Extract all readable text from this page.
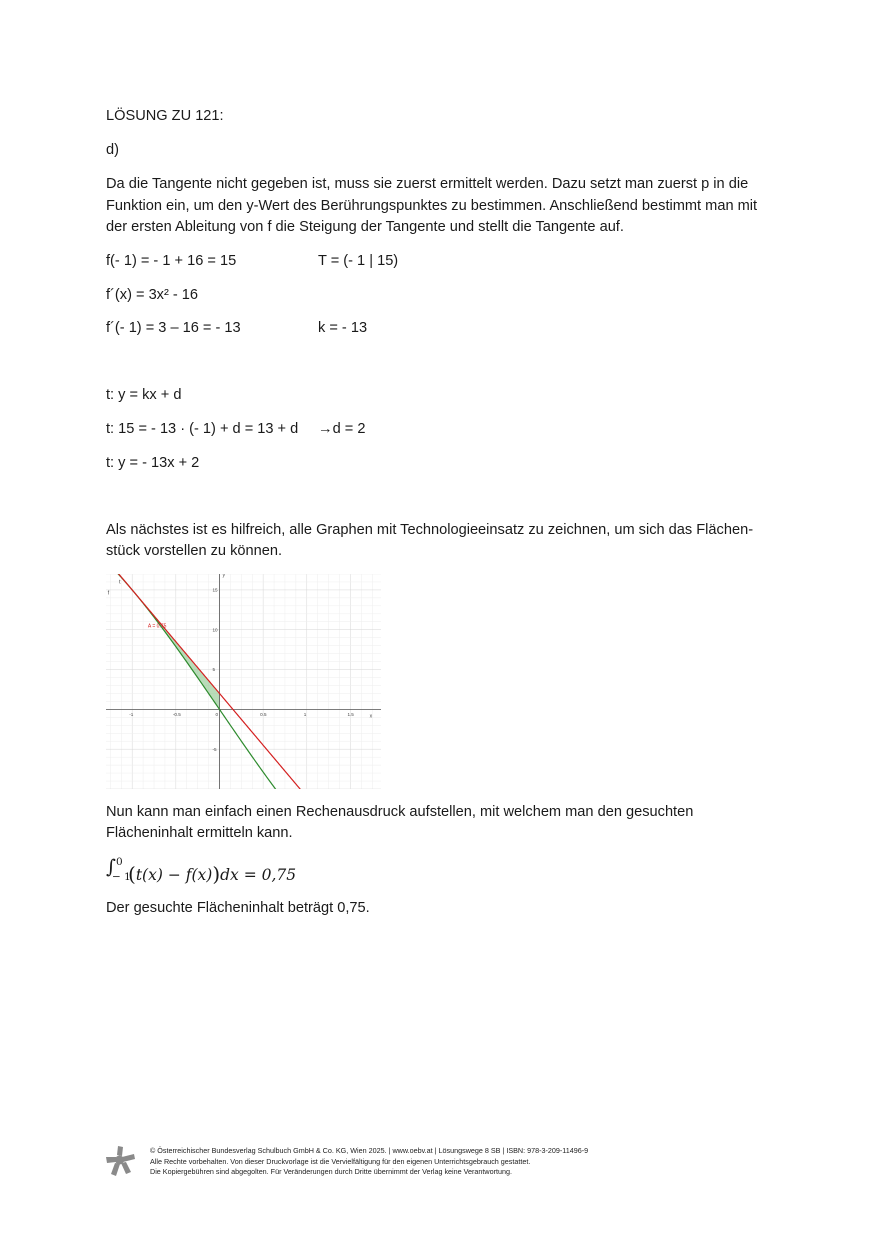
LÖSUNG ZU 121:
d)
Da die Tangente nicht gegeben ist, muss sie zuerst ermittelt werden. Dazu setzt man zuerst p in die
Funktion ein, um den y-Wert des Berührungspunktes zu bestimmen. Anschließend bestimmt man mit
der ersten Ableitung von f die Steigung der Tangente und stellt die Tangente auf.
f(- 1) = - 1 + 16 = 15	T = (- 1 | 15)
f´(x) = 3x² - 16
f´(- 1) = 3 – 16 = - 13	k = - 13
t: y = kx + d
t: 15 = - 13 · (- 1) + d = 13 + d →d = 2
t: y = - 13x + 2
Als nächstes ist es hilfreich, alle Graphen mit Technologieeinsatz zu zeichnen, um sich das Flächen-
stück vorstellen zu können.
-1	-0.5	0	0.5	1	1.5
15
10
5
-5
t
f
A = 0.75
x
y
Nun kann man einfach einen Rechenausdruck aufstellen, mit welchem man den gesuchten
Flächeninhalt ermitteln kann.
∫ 0
− 1
(t(x) − f(x))dx = 0,75
Der gesuchte Flächeninhalt beträgt 0,75.
© Österreichischer Bundesverlag Schulbuch GmbH & Co. KG, Wien 2025. | www.oebv.at | Lösungswege 8 SB | ISBN: 978-3-209-11496-9
Alle Rechte vorbehalten. Von dieser Druckvorlage ist die Vervielfältigung für den eigenen Unterrichtsgebrauch gestattet.
Die Kopiergebühren sind abgegolten. Für Veränderungen durch Dritte übernimmt der Verlag keine Verantwortung.
